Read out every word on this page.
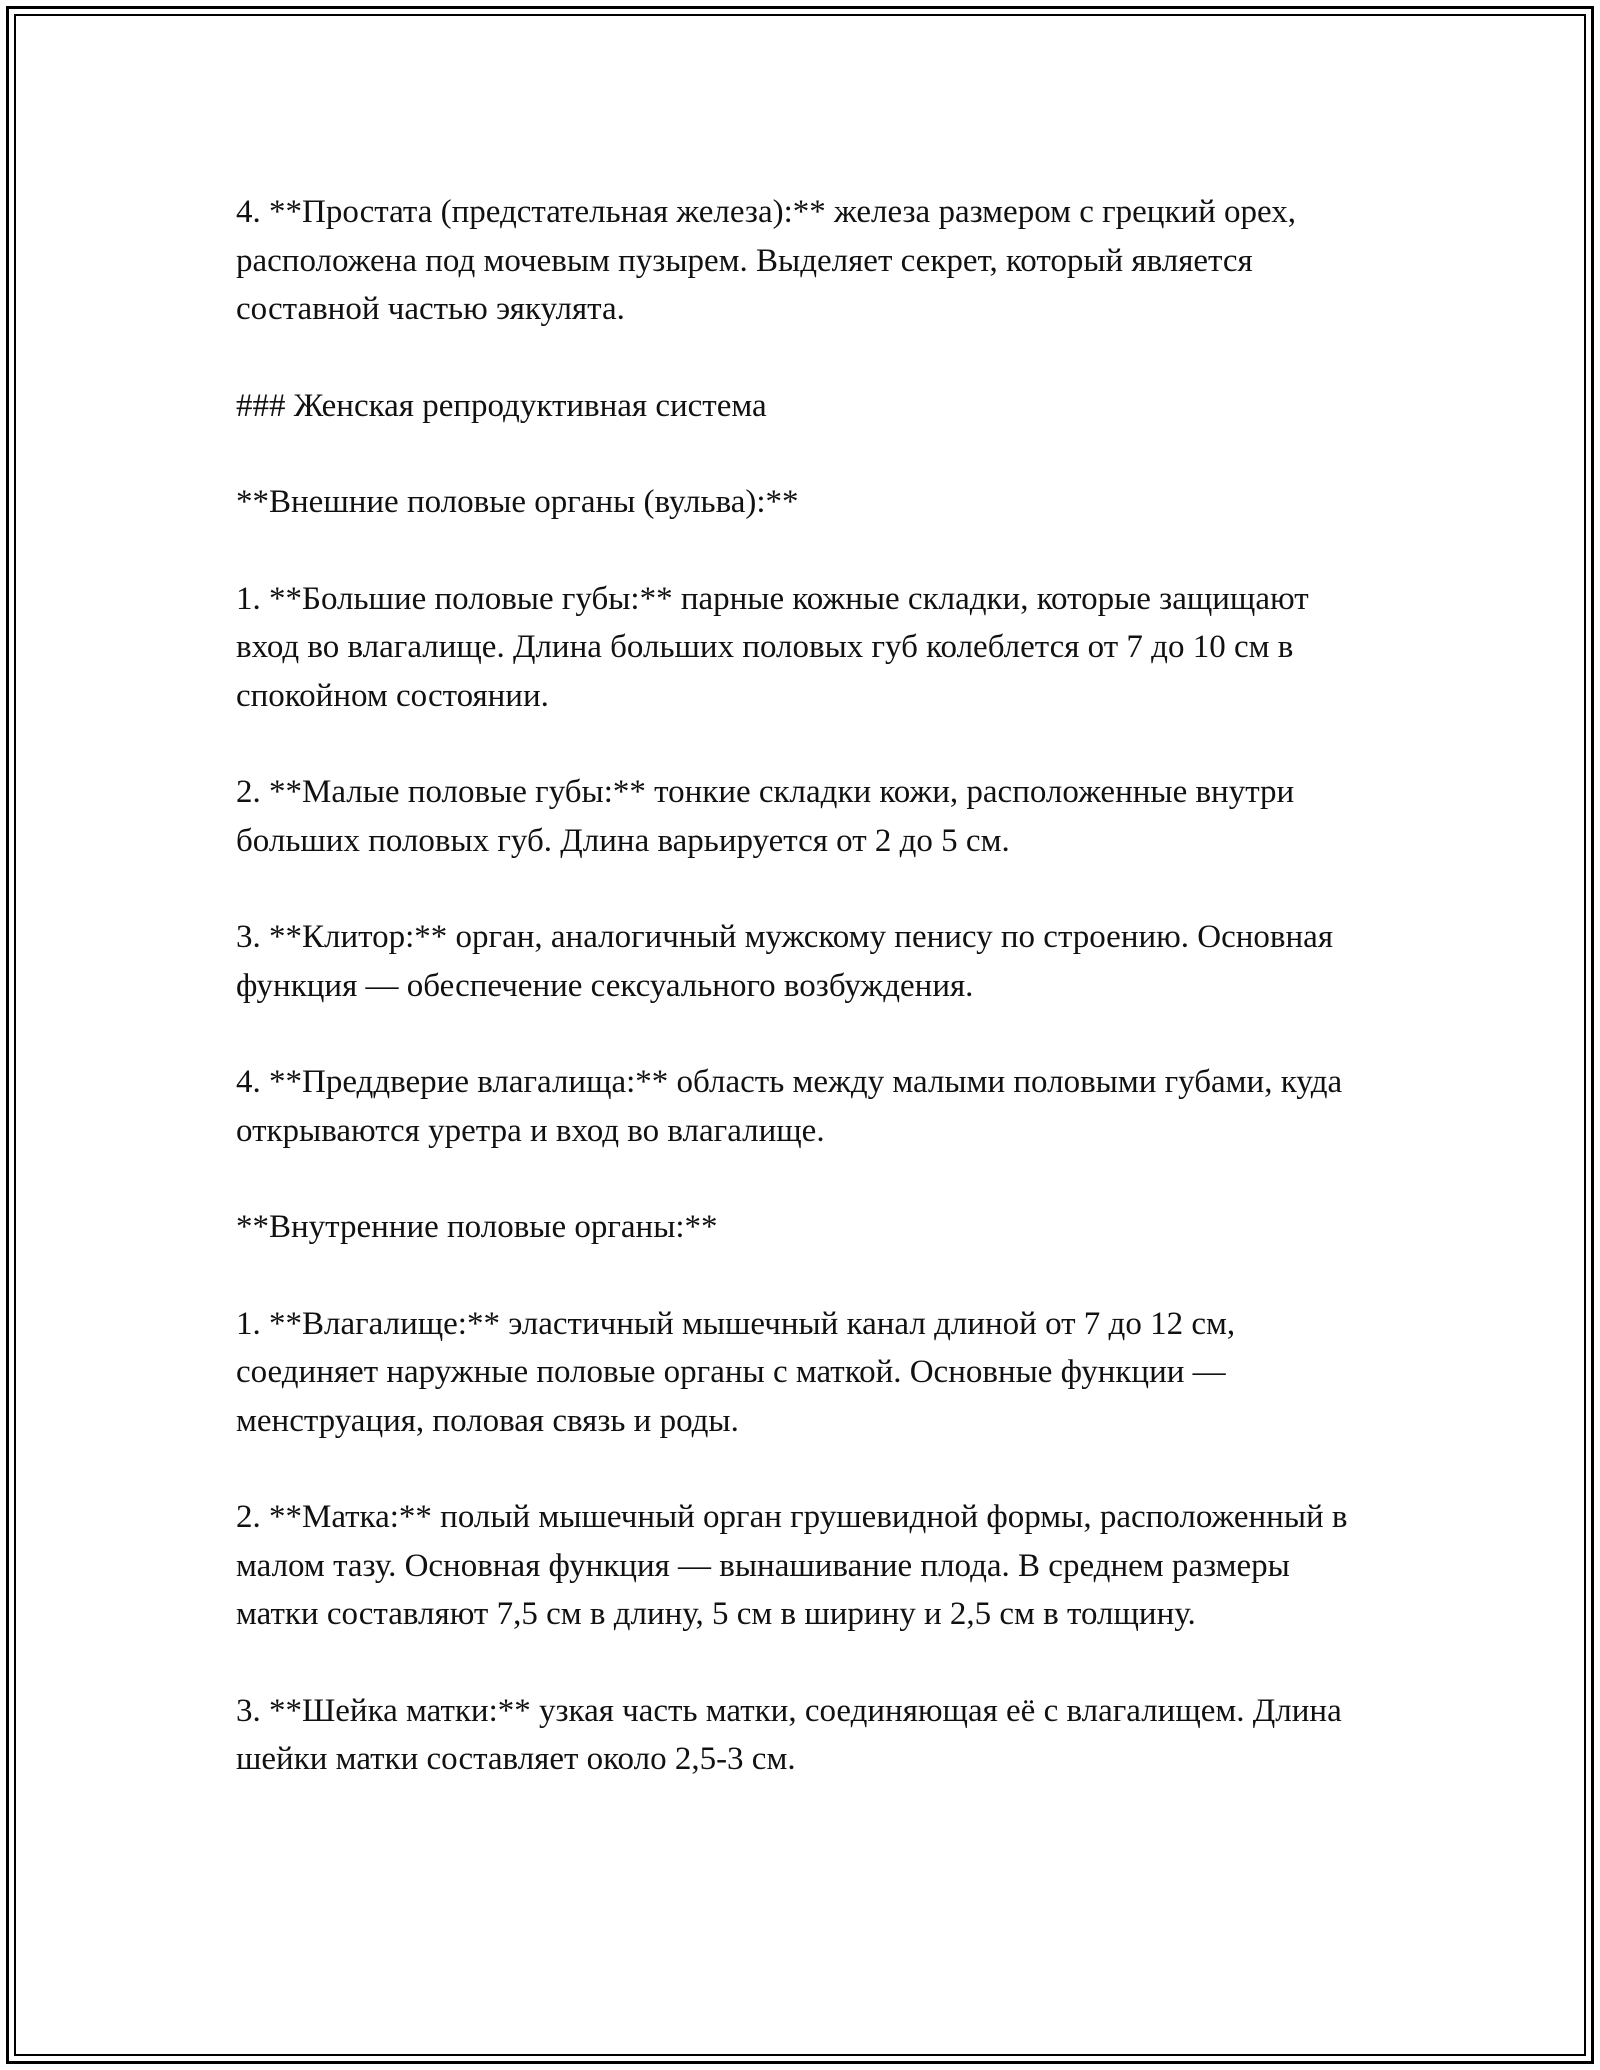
4. **Простата (предстательная железа):** железа размером с грецкий орех, расположена под мочевым пузырем. Выделяет секрет, который является составной частью эякулята.

### Женская репродуктивная система

**Внешние половые органы (вульва):**

1. **Большие половые губы:** парные кожные складки, которые защищают вход во влагалище. Длина больших половых губ колеблется от 7 до 10 см в спокойном состоянии.

2. **Малые половые губы:** тонкие складки кожи, расположенные внутри больших половых губ. Длина варьируется от 2 до 5 см.

3. **Клитор:** орган, аналогичный мужскому пенису по строению. Основная функция — обеспечение сексуального возбуждения.

4. **Преддверие влагалища:** область между малыми половыми губами, куда открываются уретра и вход во влагалище.

**Внутренние половые органы:**

1. **Влагалище:** эластичный мышечный канал длиной от 7 до 12 см, соединяет наружные половые органы с маткой. Основные функции — менструация, половая связь и роды.

2. **Матка:** полый мышечный орган грушевидной формы, расположенный в малом тазу. Основная функция — вынашивание плода. В среднем размеры матки составляют 7,5 см в длину, 5 см в ширину и 2,5 см в толщину.

3. **Шейка матки:** узкая часть матки, соединяющая её с влагалищем. Длина шейки матки составляет около 2,5-3 см.
